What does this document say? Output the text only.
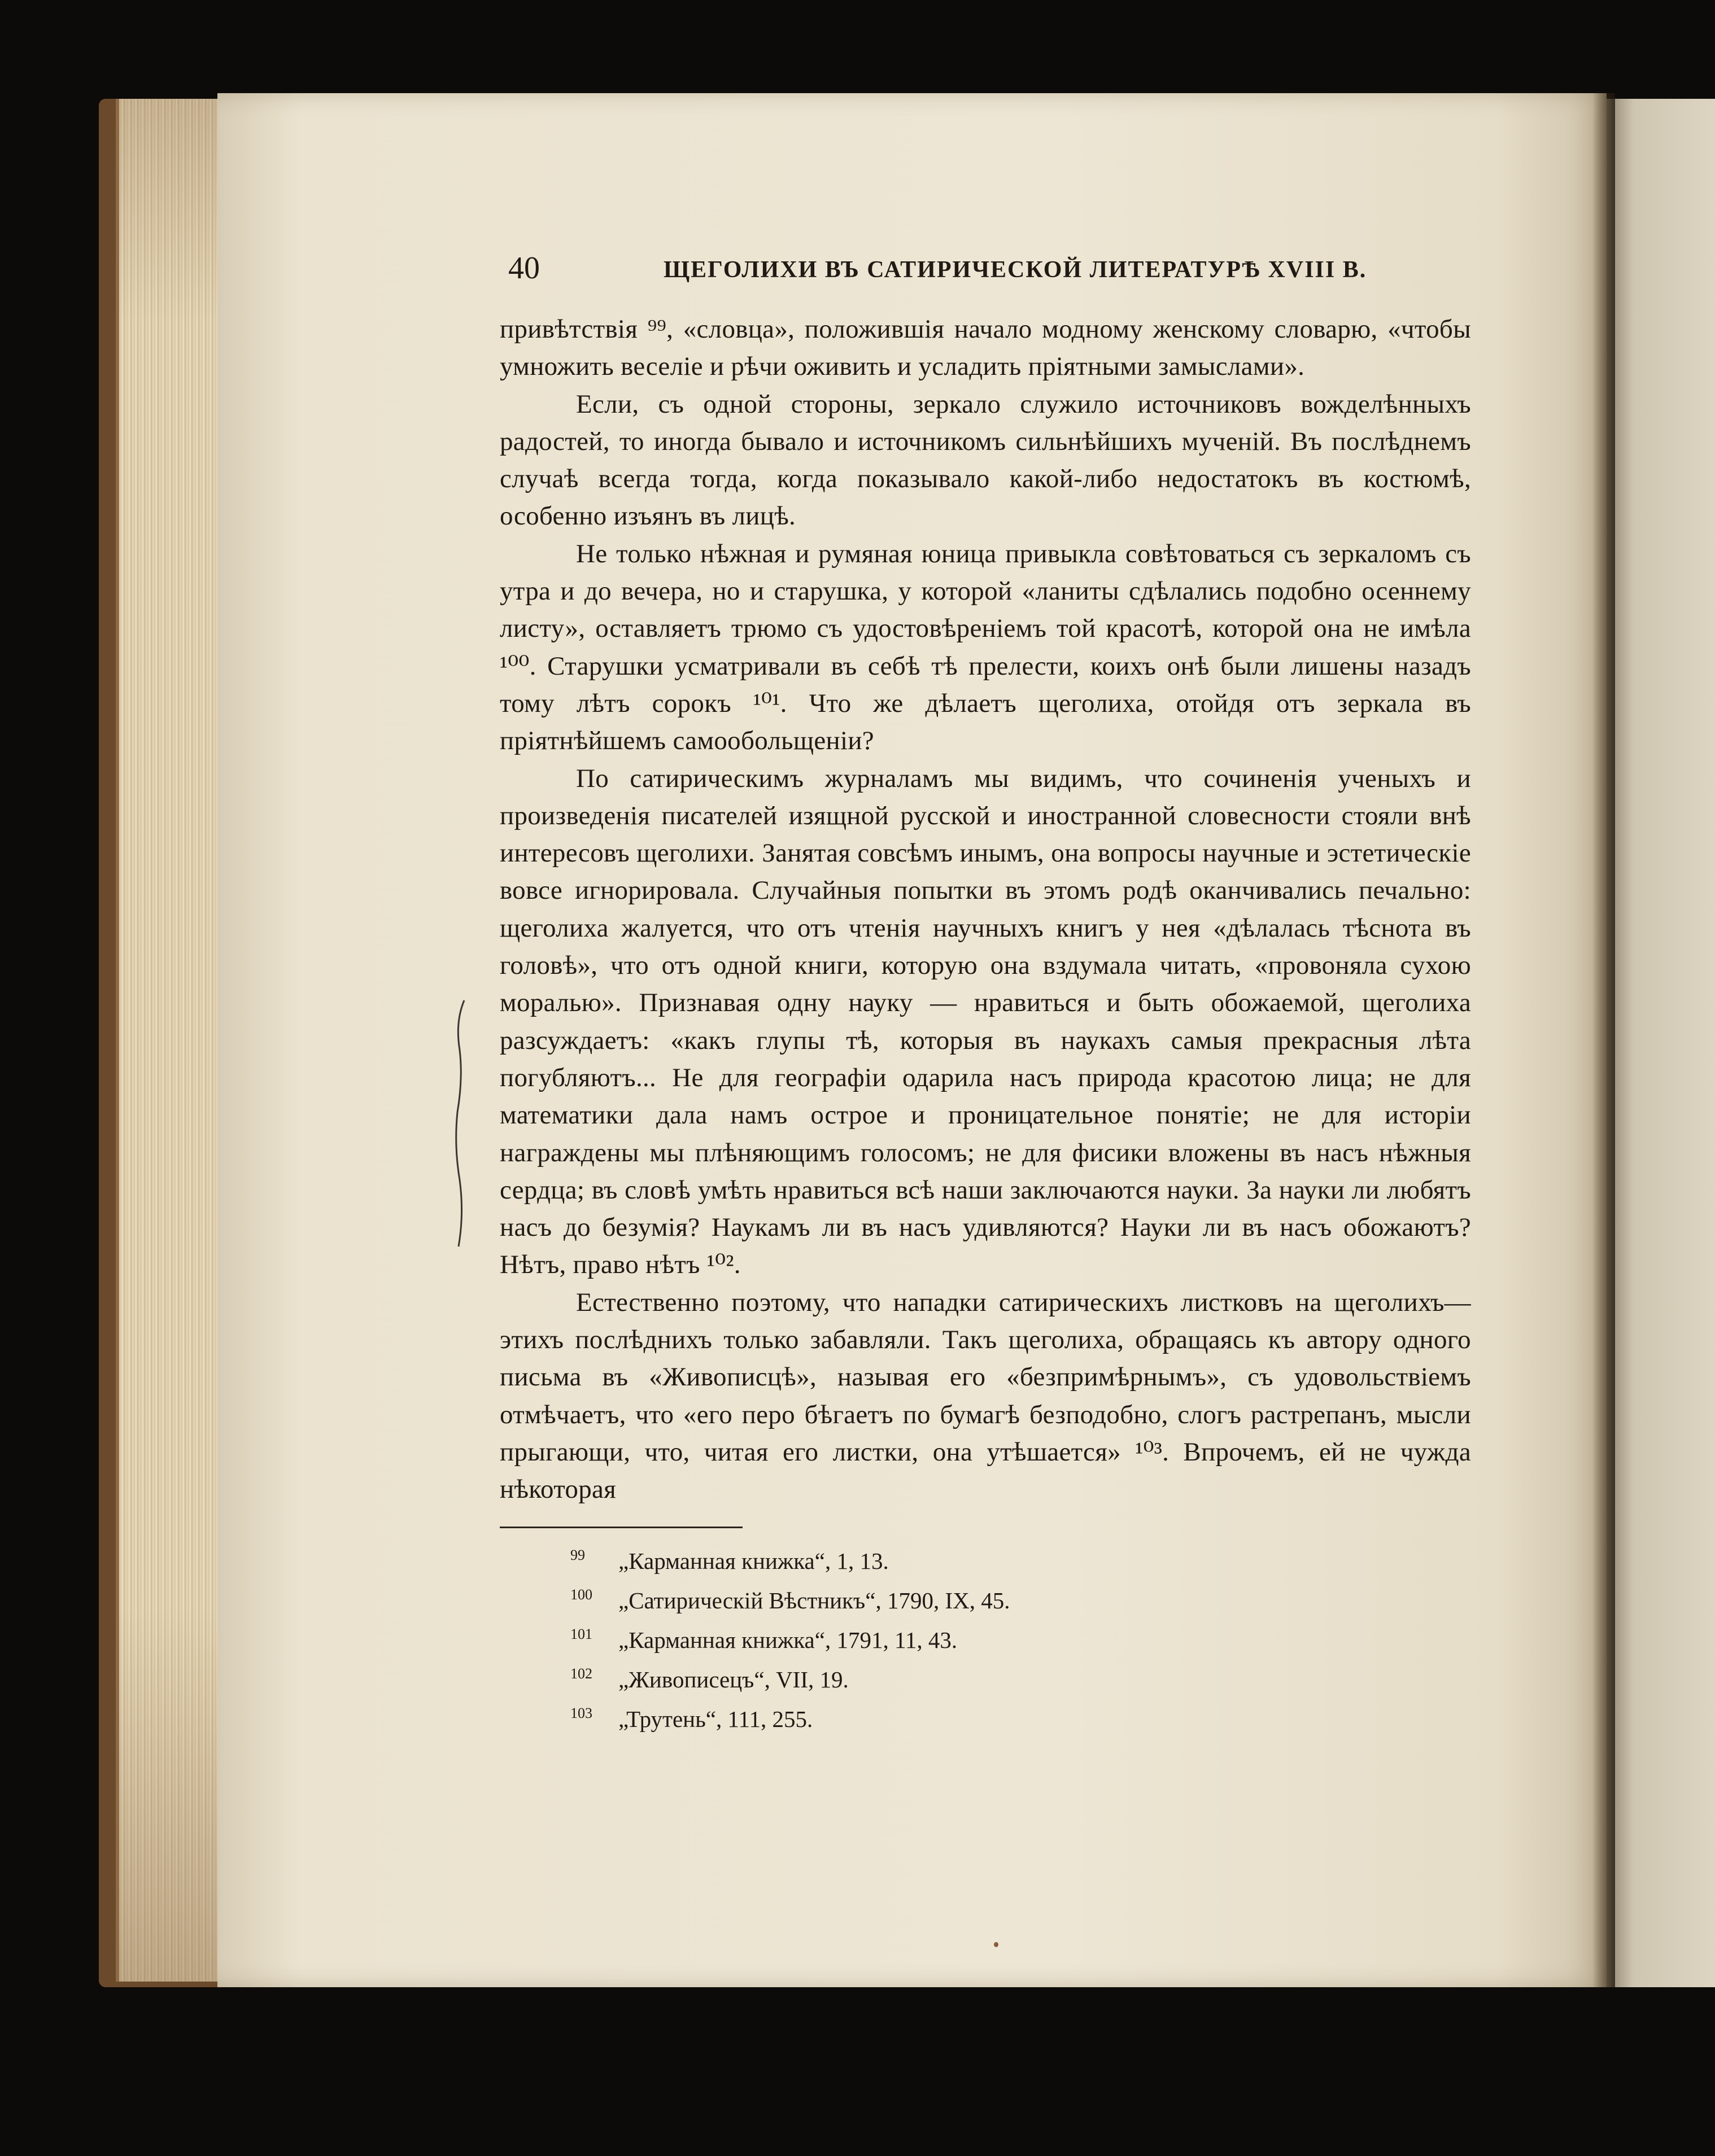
40	ЩЕГОЛИХИ ВЪ САТИРИЧЕСКОЙ ЛИТЕРАТУРѢ XVIII В.

привѣтствія ⁹⁹, «словца», положившія начало модному женскому словарю, «чтобы умножить веселіе и рѣчи оживить и усладить пріятными замыслами».

Если, съ одной стороны, зеркало служило источниковъ вожделѣнныхъ радостей, то иногда бывало и источникомъ сильнѣйшихъ мученій. Въ послѣднемъ случаѣ всегда тогда, когда показывало какой-либо недостатокъ въ костюмѣ, особенно изъянъ въ лицѣ.

Не только нѣжная и румяная юница привыкла совѣтоваться съ зеркаломъ съ утра и до вечера, но и старушка, у которой «ланиты сдѣлались подобно осеннему листу», оставляетъ трюмо съ удостовѣреніемъ той красотѣ, которой она не имѣла ¹⁰⁰. Старушки усматривали въ себѣ тѣ прелести, коихъ онѣ были лишены назадъ тому лѣтъ сорокъ ¹⁰¹. Что же дѣлаетъ щеголиха, отойдя отъ зеркала въ пріятнѣйшемъ самообольщеніи?

По сатирическимъ журналамъ мы видимъ, что сочиненія ученыхъ и произведенія писателей изящной русской и иностранной словесности стояли внѣ интересовъ щеголихи. Занятая совсѣмъ инымъ, она вопросы научные и эстетическіе вовсе игнорировала. Случайныя попытки въ этомъ родѣ оканчивались печально: щеголиха жалуется, что отъ чтенія научныхъ книгъ у нея «дѣлалась тѣснота въ головѣ», что отъ одной книги, которую она вздумала читать, «провоняла сухою моралью». Признавая одну науку — нравиться и быть обожаемой, щеголиха разсуждаетъ: «какъ глупы тѣ, которыя въ наукахъ самыя прекрасныя лѣта погубляютъ... Не для географіи одарила насъ природа красотою лица; не для математики дала намъ острое и проницательное понятіе; не для исторіи награждены мы плѣняющимъ голосомъ; не для фисики вложены въ насъ нѣжныя сердца; въ словѣ умѣть нравиться всѣ наши заключаются науки. За науки ли любятъ насъ до безумія? Наукамъ ли въ насъ удивляются? Науки ли въ насъ обожаютъ? Нѣтъ, право нѣтъ ¹⁰².

Естественно поэтому, что нападки сатирическихъ листковъ на щеголихъ—этихъ послѣднихъ только забавляли. Такъ щеголиха, обращаясь къ автору одного письма въ «Живописцѣ», называя его «безпримѣрнымъ», съ удовольствіемъ отмѣчаетъ, что «его перо бѣгаетъ по бумагѣ безподобно, слогъ растрепанъ, мысли прыгающи, что, читая его листки, она утѣшается» ¹⁰³. Впрочемъ, ей не чужда нѣкоторая

99 „Карманная книжка“, 1, 13.
100 „Сатирическій Вѣстникъ“, 1790, IX, 45.
101 „Карманная книжка“, 1791, 11, 43.
102 „Живописецъ“, VII, 19.
103 „Трутень“, 111, 255.
